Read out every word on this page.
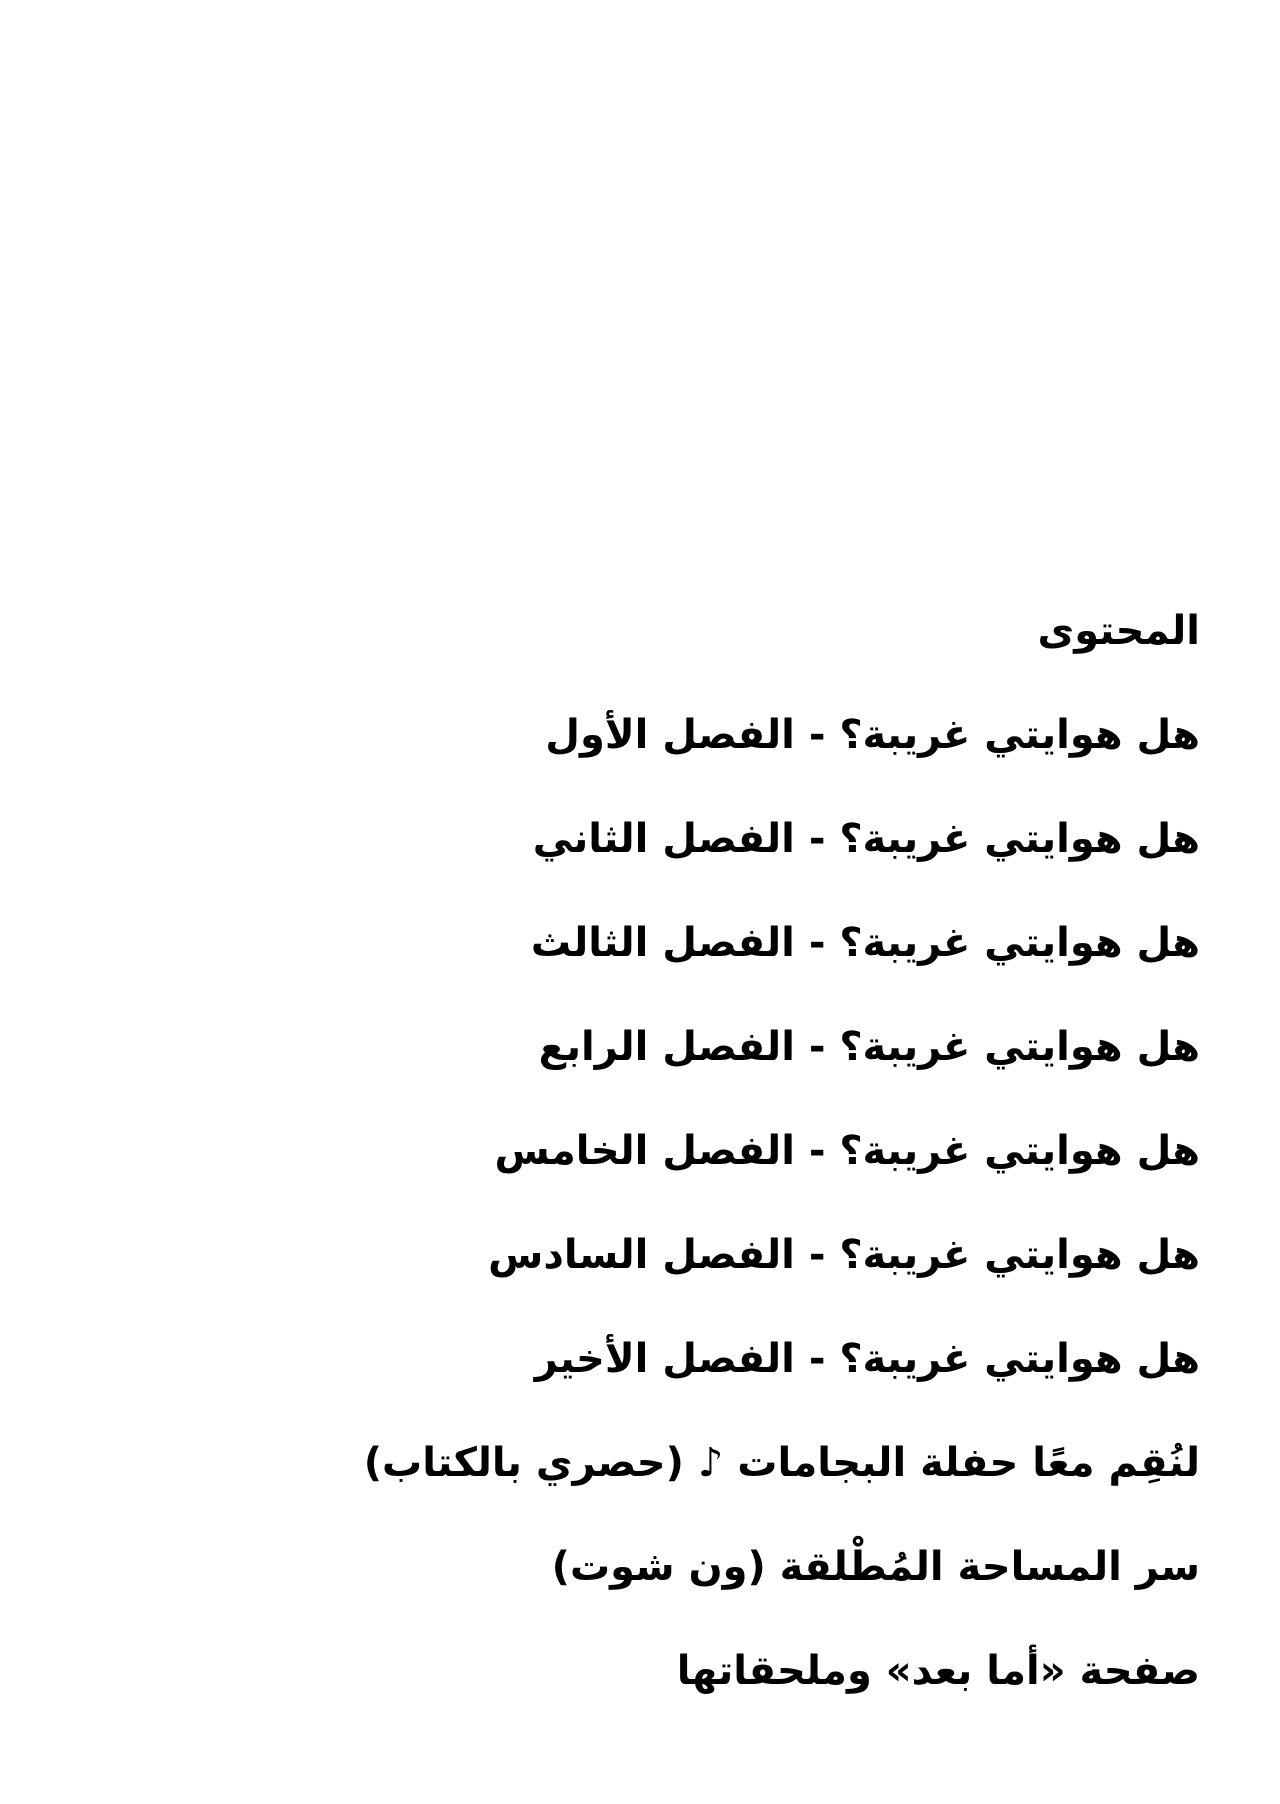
المحتوى
هل هوايتي غريبة؟ - الفصل الأول
هل هوايتي غريبة؟ - الفصل الثاني
هل هوايتي غريبة؟ - الفصل الثالث
هل هوايتي غريبة؟ - الفصل الرابع
هل هوايتي غريبة؟ - الفصل الخامس
هل هوايتي غريبة؟ - الفصل السادس
هل هوايتي غريبة؟ - الفصل الأخير
لنُقِم معًا حفلة البجامات ♪ (حصري بالكتاب)
سر المساحة المُطْلقة (ون شوت)
صفحة «أما بعد» وملحقاتها
